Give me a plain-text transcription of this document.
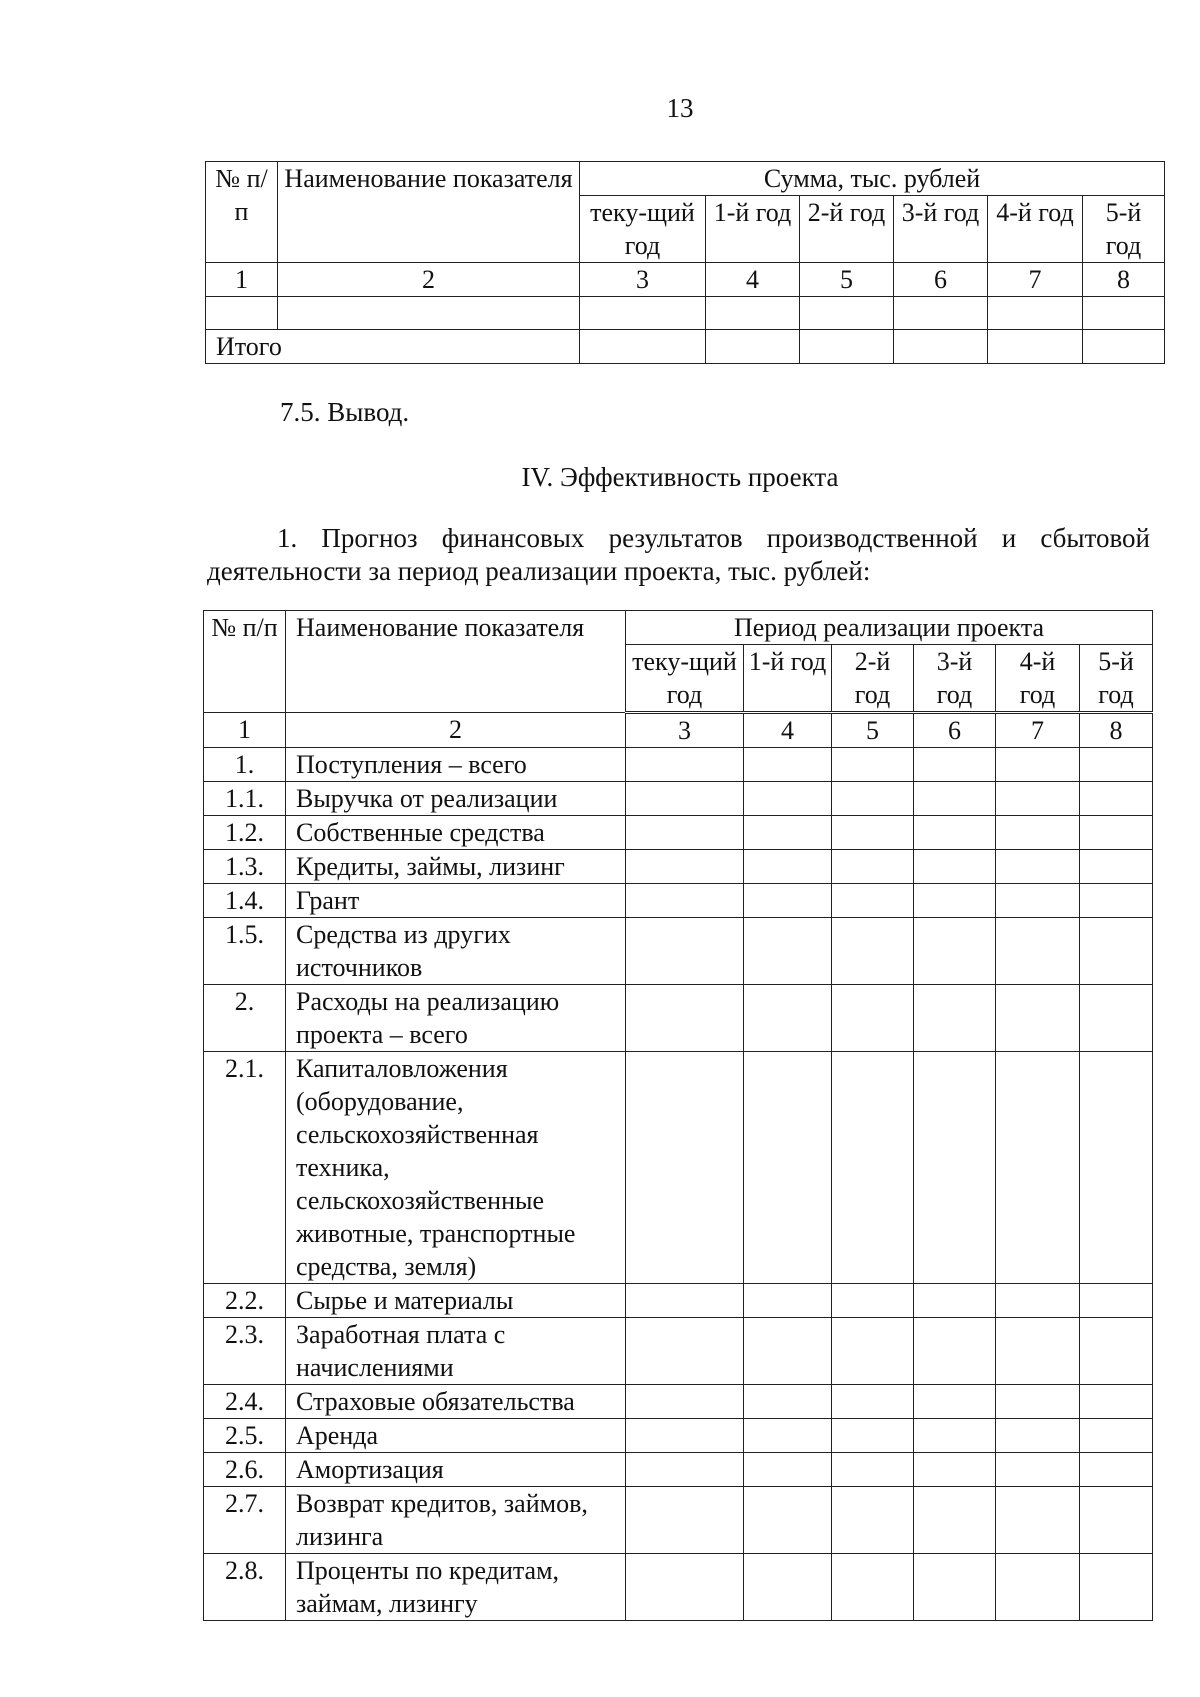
13
№ п/п	Наименование показателя	Сумма, тыс. рублей					
		теку-щий год	1-й год	2-й год	3-й год	4-й год	5-й год
1	2	3	4	5	6	7	8

Итого							
7.5. Вывод.
IV. Эффективность проекта
1. Прогноз финансовых результатов производственной и сбытовой
деятельности за период реализации проекта, тыс. рублей:
№ п/п	Наименование показателя	Период реализации проекта					
		теку-щий год	1-й год	2-й год	3-й год	4-й год	5-й год
1	2	3	4	5	6	7	8
1.	Поступления – всего						
1.1.	Выручка от реализации						
1.2.	Собственные средства						
1.3.	Кредиты, займы, лизинг						
1.4.	Грант						
1.5.	Средства из других источников						
2.	Расходы на реализацию проекта – всего						
2.1.	Капиталовложения (оборудование, сельскохозяйственная техника, сельскохозяйственные животные, транспортные средства, земля)						
2.2.	Сырье и материалы						
2.3.	Заработная плата с начислениями						
2.4.	Страховые обязательства						
2.5.	Аренда						
2.6.	Амортизация						
2.7.	Возврат кредитов, займов, лизинга						
2.8.	Проценты по кредитам, займам, лизингу						
